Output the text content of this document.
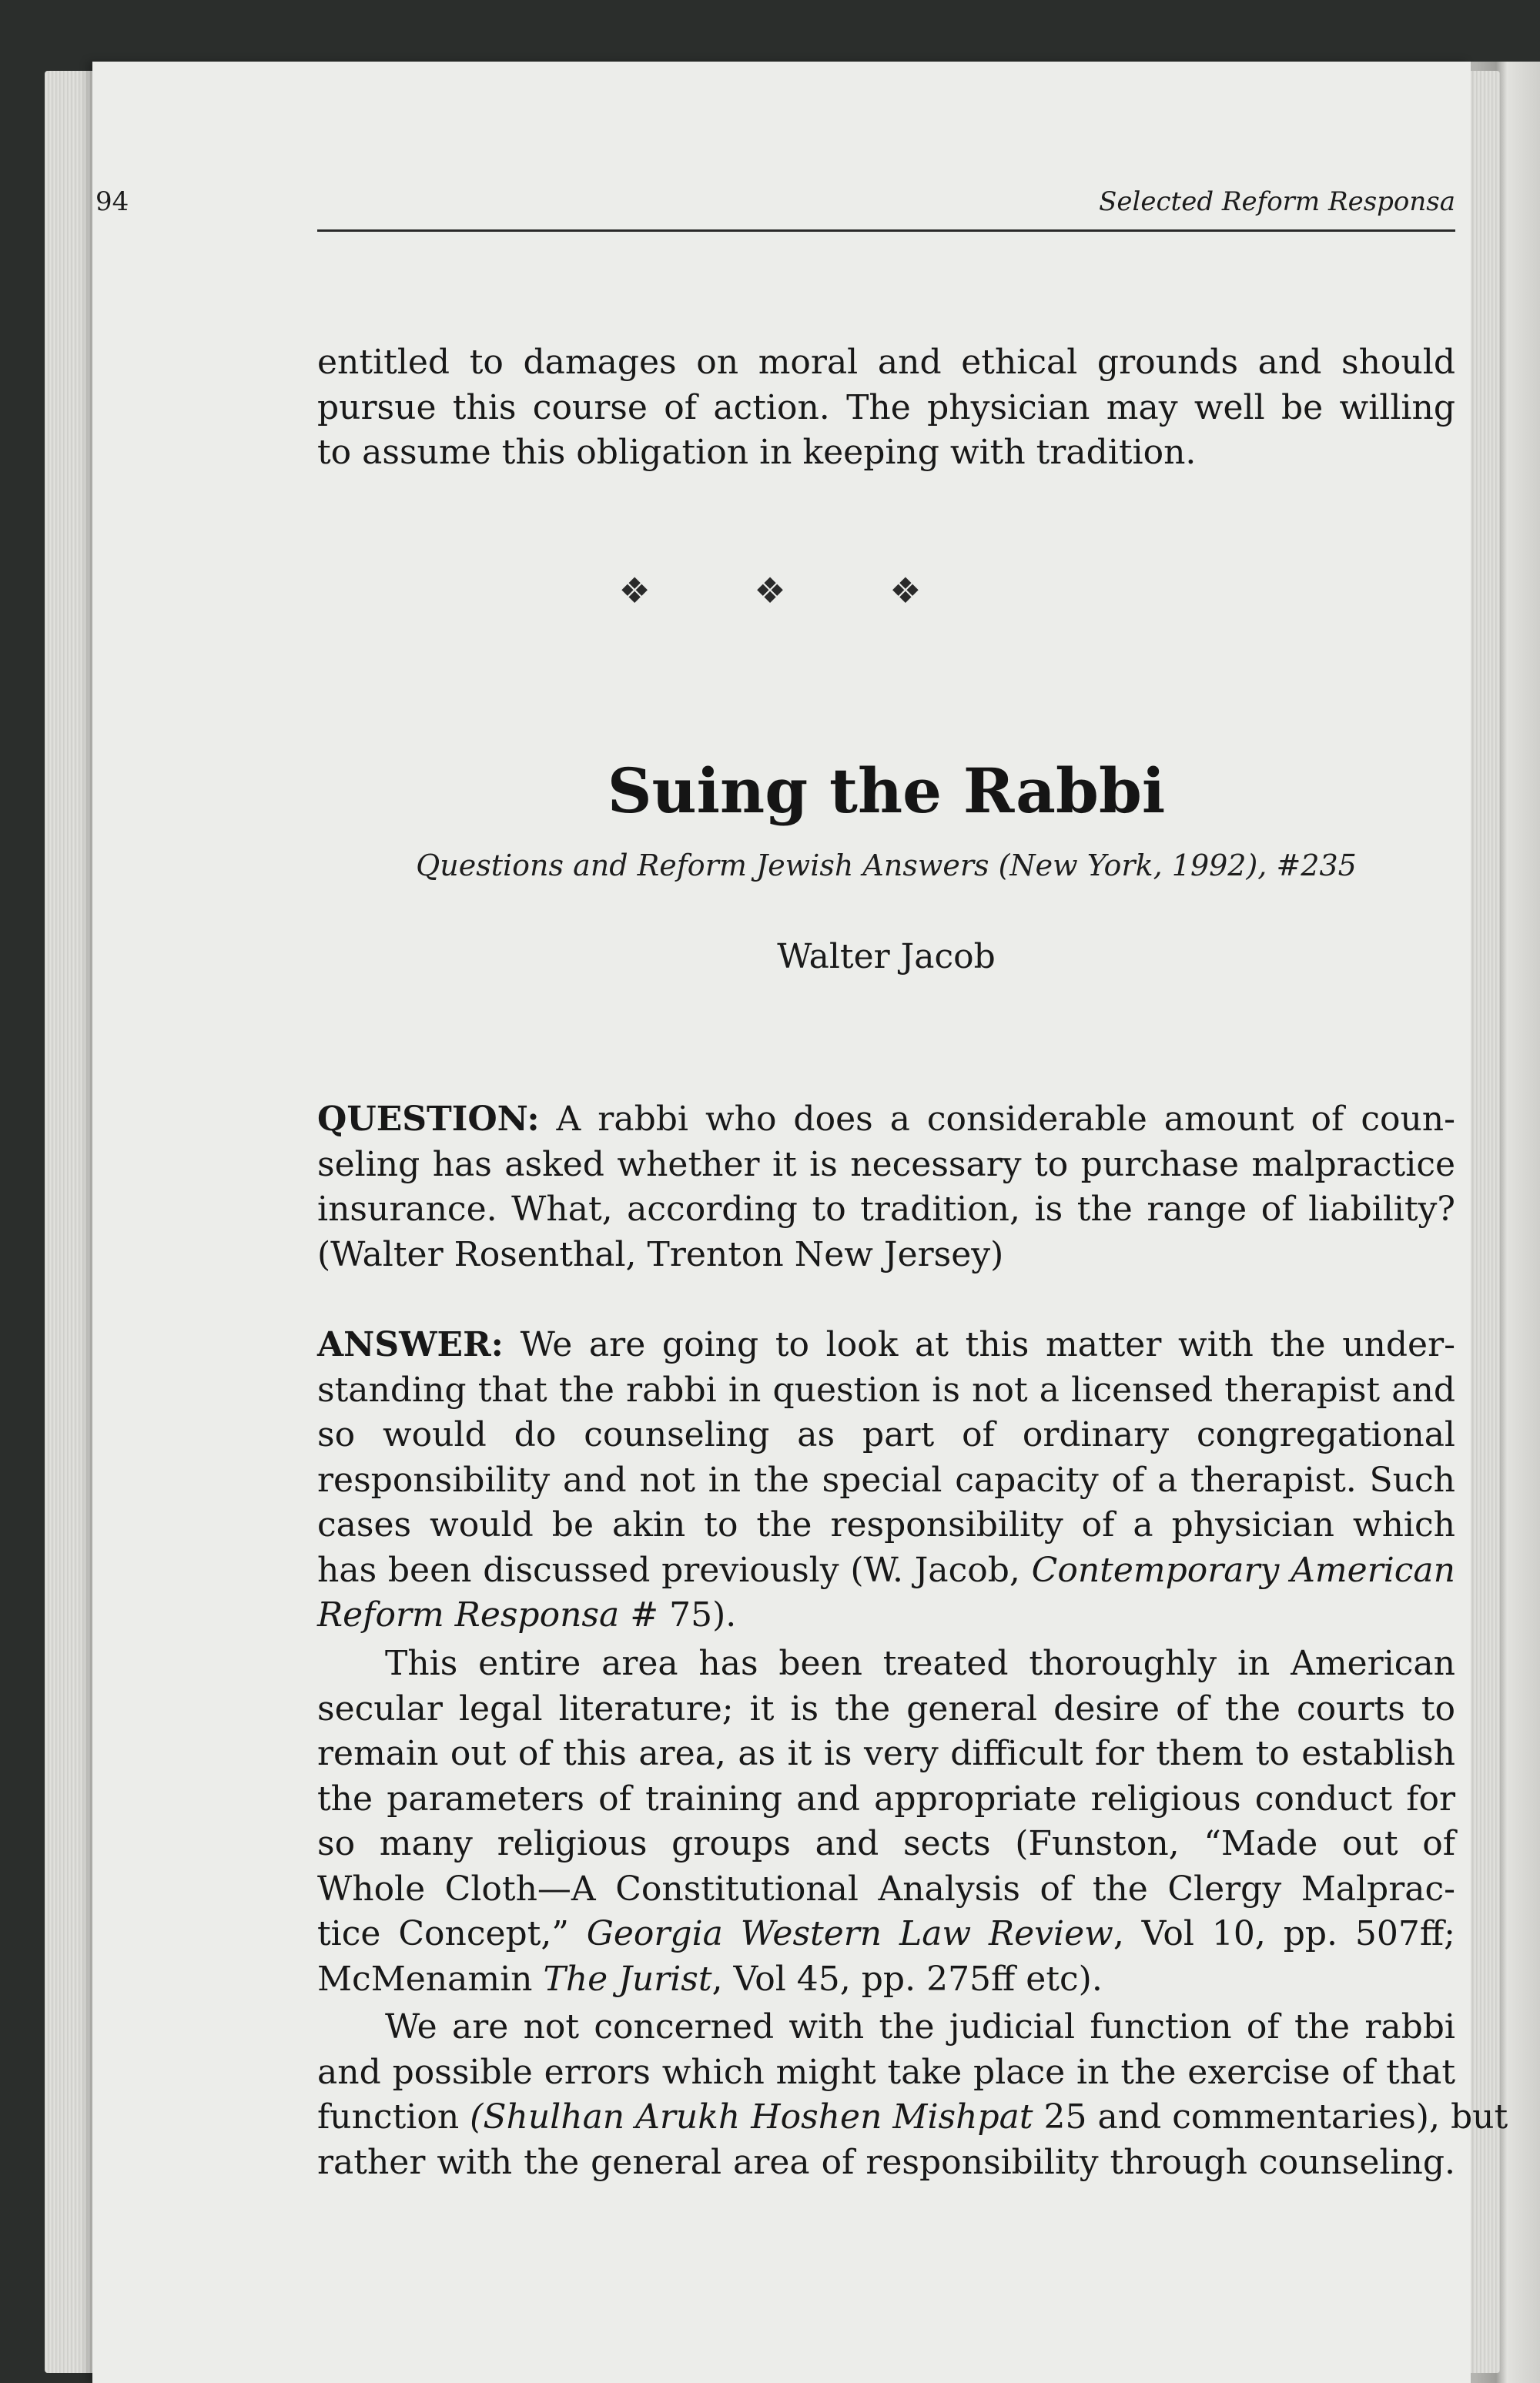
94	Selected Reform Responsa
entitled to damages on moral and ethical grounds and should
pursue this course of action. The physician may well be willing
to assume this obligation in keeping with tradition.
❖ ❖ ❖
Suing the Rabbi
Questions and Reform Jewish Answers (New York, 1992), #235
Walter Jacob
QUESTION: A rabbi who does a considerable amount of coun-
seling has asked whether it is necessary to purchase malpractice
insurance. What, according to tradition, is the range of liability?
(Walter Rosenthal, Trenton New Jersey)
ANSWER: We are going to look at this matter with the under-
standing that the rabbi in question is not a licensed therapist and
so would do counseling as part of ordinary congregational
responsibility and not in the special capacity of a therapist. Such
cases would be akin to the responsibility of a physician which
has been discussed previously (W. Jacob, Contemporary American
Reform Responsa # 75).
This entire area has been treated thoroughly in American
secular legal literature; it is the general desire of the courts to
remain out of this area, as it is very difficult for them to establish
the parameters of training and appropriate religious conduct for
so many religious groups and sects (Funston, “Made out of
Whole Cloth—A Constitutional Analysis of the Clergy Malprac-
tice Concept,” Georgia Western Law Review, Vol 10, pp. 507ff;
McMenamin The Jurist, Vol 45, pp. 275ff etc).
We are not concerned with the judicial function of the rabbi
and possible errors which might take place in the exercise of that
function (Shulhan Arukh Hoshen Mishpat 25 and commentaries), but
rather with the general area of responsibility through counseling.
